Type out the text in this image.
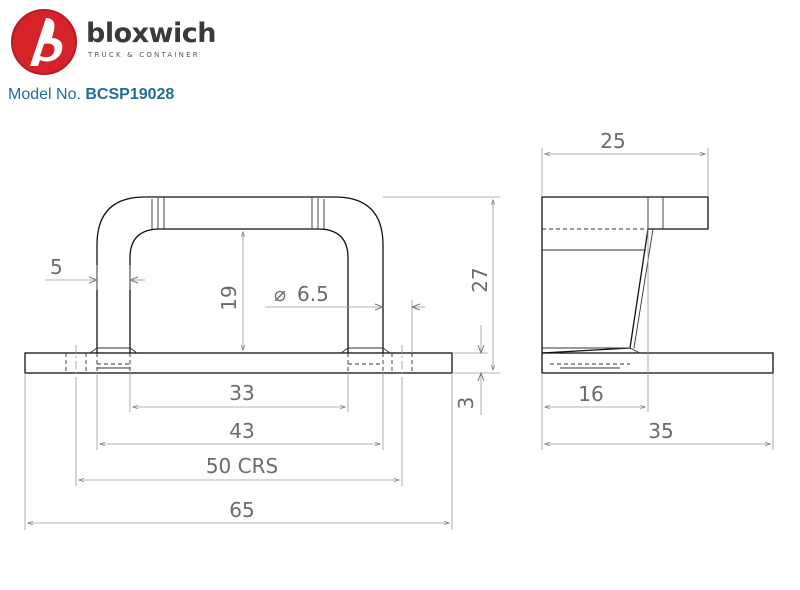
bloxwich
TRUCK & CONTAINER
Model No. BCSP19028
5
19 ⌀ 6.5
27
3
33
43
50 CRS
65
25
16
35
